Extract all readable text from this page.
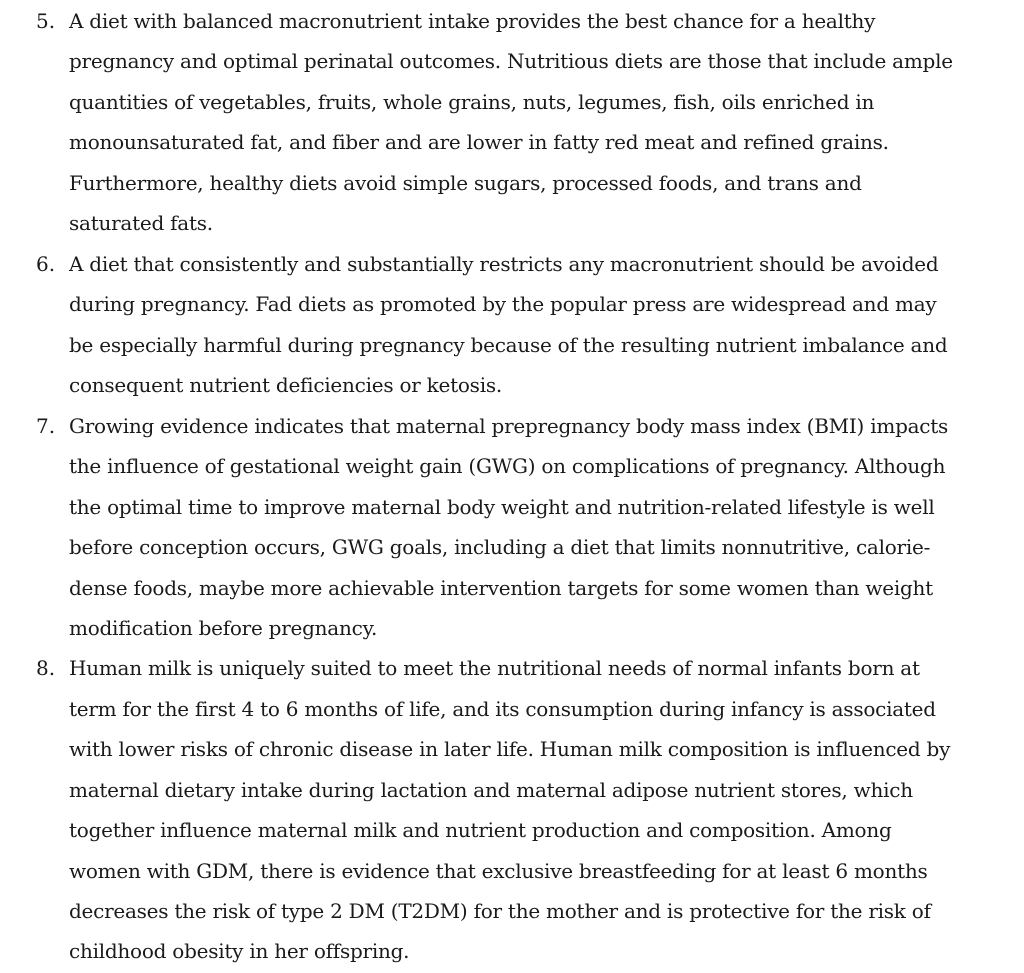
5. A diet with balanced macronutrient intake provides the best chance for a healthy
pregnancy and optimal perinatal outcomes. Nutritious diets are those that include ample
quantities of vegetables, fruits, whole grains, nuts, legumes, fish, oils enriched in
monounsaturated fat, and fiber and are lower in fatty red meat and refined grains.
Furthermore, healthy diets avoid simple sugars, processed foods, and trans and
saturated fats.
6. A diet that consistently and substantially restricts any macronutrient should be avoided
during pregnancy. Fad diets as promoted by the popular press are widespread and may
be especially harmful during pregnancy because of the resulting nutrient imbalance and
consequent nutrient deficiencies or ketosis.
7. Growing evidence indicates that maternal prepregnancy body mass index (BMI) impacts
the influence of gestational weight gain (GWG) on complications of pregnancy. Although
the optimal time to improve maternal body weight and nutrition-related lifestyle is well
before conception occurs, GWG goals, including a diet that limits nonnutritive, calorie-
dense foods, maybe more achievable intervention targets for some women than weight
modification before pregnancy.
8. Human milk is uniquely suited to meet the nutritional needs of normal infants born at
term for the first 4 to 6 months of life, and its consumption during infancy is associated
with lower risks of chronic disease in later life. Human milk composition is influenced by
maternal dietary intake during lactation and maternal adipose nutrient stores, which
together influence maternal milk and nutrient production and composition. Among
women with GDM, there is evidence that exclusive breastfeeding for at least 6 months
decreases the risk of type 2 DM (T2DM) for the mother and is protective for the risk of
childhood obesity in her offspring.
